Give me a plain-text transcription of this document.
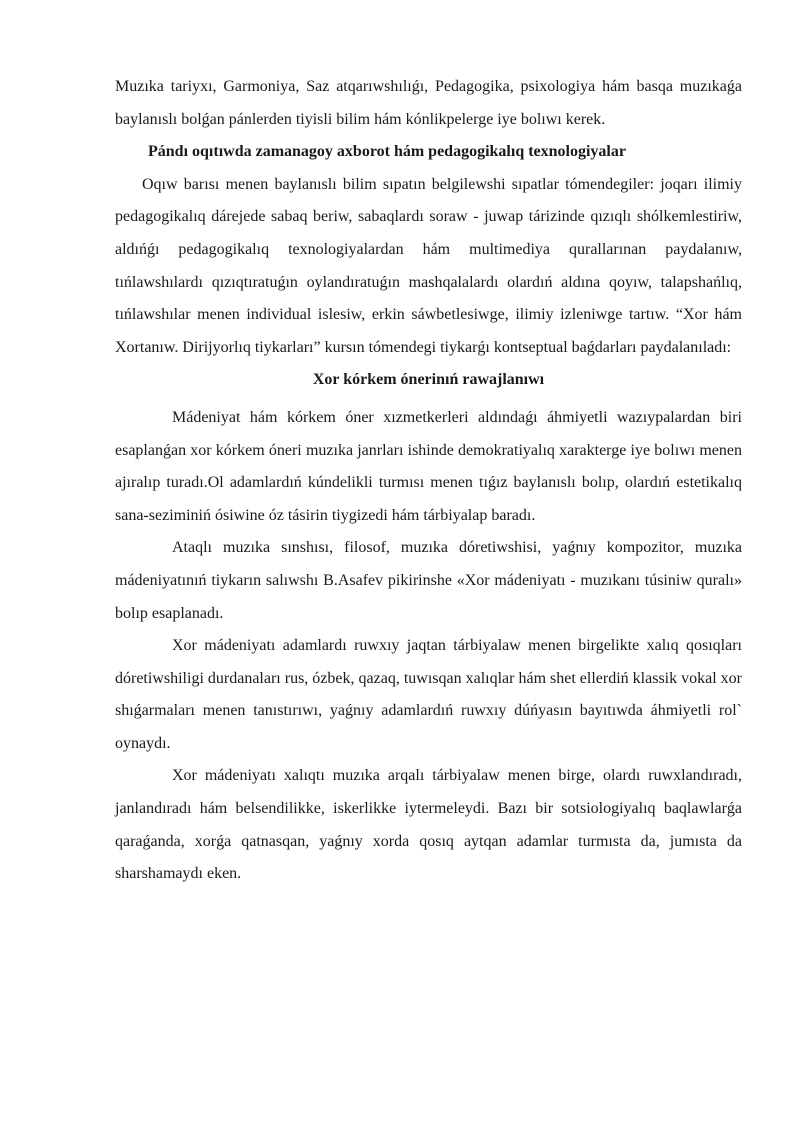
Muzıka tariyxı, Garmoniya, Saz atqarıwshılıǵı, Pedagogika, psixologiya hám basqa muzıkaǵa baylanıslı bolǵan pánlerden tiyisli bilim hám kónlikpelerge iye bolıwı kerek.

Pándı oqıtıwda zamanagoy axborot hám pedagogikalıq texnologiyalar

Oqıw barısı menen baylanıslı bilim sıpatın belgilewshi sıpatlar tómendegiler: joqarı ilimiy pedagogikalıq dárejede sabaq beriw, sabaqlardı soraw - juwap tárizinde qızıqlı shólkemlestiriw, aldıńǵı pedagogikalıq texnologiyalardan hám multimediya qurallarınan paydalanıw, tıńlawshılardı qızıqtıratuǵın oylandıratuǵın mashqalalardı olardıń aldına qoyıw, talapshańlıq, tıńlawshılar menen individual islesiw, erkin sáwbetlesiwge, ilimiy izleniwge tartıw. “Xor hám Xortanıw. Dirijyorlıq tiykarları” kursın tómendegi tiykarǵı kontseptual baǵdarları paydalanıladı:

Xor kórkem ónerinıń rawajlanıwı

Mádeniyat hám kórkem óner xızmetkerleri aldındaǵı áhmiyetli wazıypalardan biri esaplanǵan xor kórkem óneri muzıka janrları ishinde demokratiyalıq xarakterge iye bolıwı menen ajıralıp turadı.Ol adamlardıń kúndelikli turmısı menen tıǵız baylanıslı bolıp, olardıń estetikalıq sana-seziminiń ósiwine óz tásirin tiygizedi hám tárbiyalap baradı.

Ataqlı muzıka sınshısı, filosof, muzıka dóretiwshisi, yaǵnıy kompozitor, muzıka mádeniyatınıń tiykarın salıwshı B.Asafev pikirinshe «Xor mádeniyatı - muzıkanı túsiniw quralı» bolıp esaplanadı.

Xor mádeniyatı adamlardı ruwxıy jaqtan tárbiyalaw menen birgelikte xalıq qosıqları dóretiwshiligi durdanaları rus, ózbek, qazaq, tuwısqan xalıqlar hám shet ellerdiń klassik vokal xor shıǵarmaları menen tanıstırıwı, yaǵnıy adamlardıń ruwxıy dúńyasın bayıtıwda áhmiyetli rol` oynaydı.

Xor mádeniyatı xalıqtı muzıka arqalı tárbiyalaw menen birge, olardı ruwxlandıradı, janlandıradı hám belsendilikke, iskerlikke iytermeleydi. Bazı bir sotsiologiyalıq baqlawlarǵa qaraǵanda, xorǵa qatnasqan, yaǵnıy xorda qosıq aytqan adamlar turmısta da, jumısta da sharshamaydı eken.
